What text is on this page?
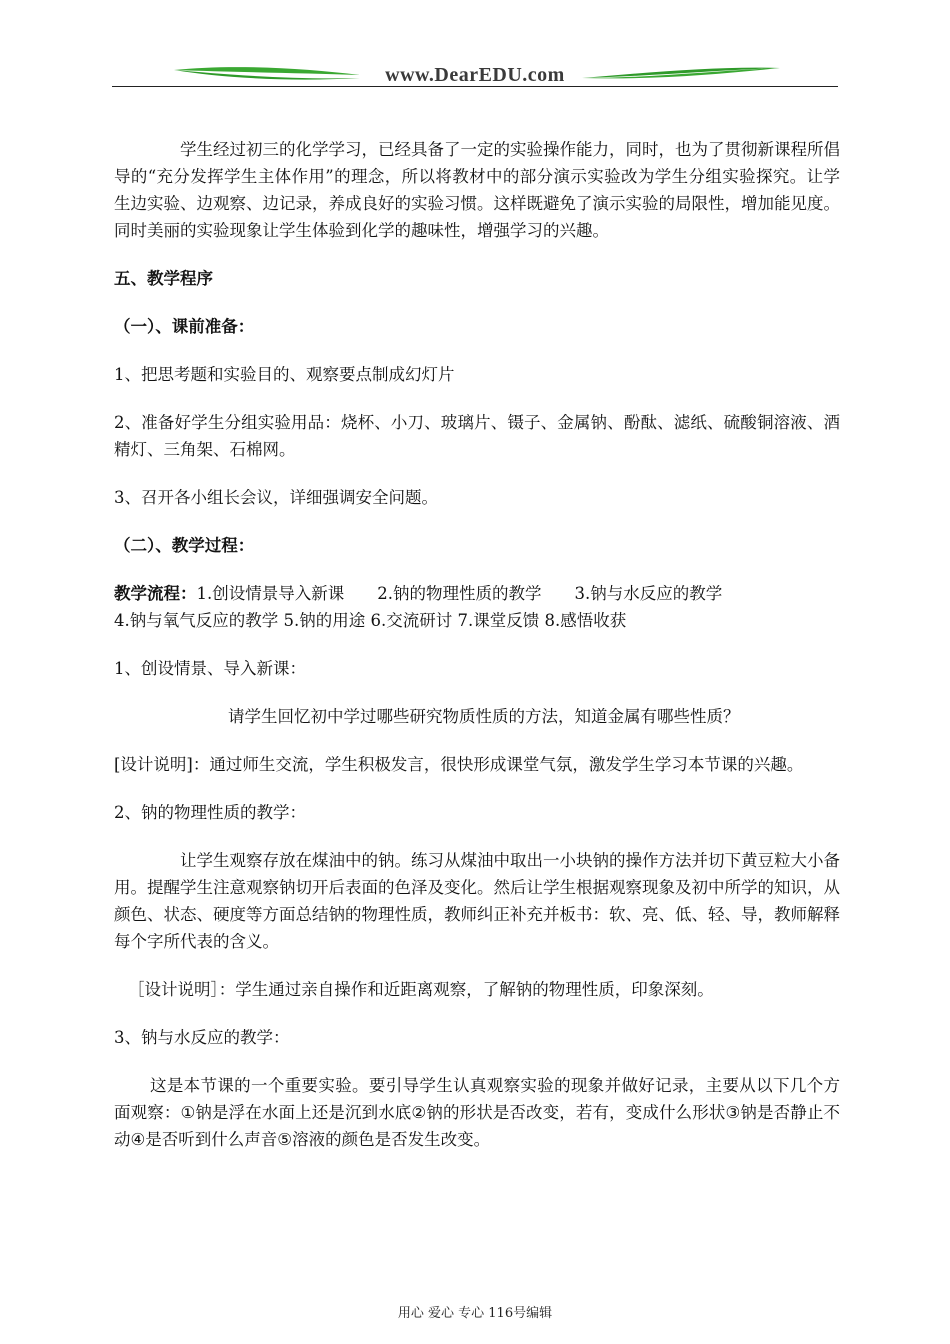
www.DearEDU.com

学生经过初三的化学学习，已经具备了一定的实验操作能力，同时，也为了贯彻新课程所倡导的“充分发挥学生主体作用”的理念，所以将教材中的部分演示实验改为学生分组实验探究。让学生边实验、边观察、边记录，养成良好的实验习惯。这样既避免了演示实验的局限性，增加能见度。同时美丽的实验现象让学生体验到化学的趣味性，增强学习的兴趣。

五、教学程序

（一）、课前准备：

1、把思考题和实验目的、观察要点制成幻灯片

2、准备好学生分组实验用品：烧杯、小刀、玻璃片、镊子、金属钠、酚酞、滤纸、硫酸铜溶液、酒精灯、三角架、石棉网。

3、召开各小组长会议，详细强调安全问题。

（二）、教学过程：

教学流程：1.创设情景导入新课　　2.钠的物理性质的教学　　3.钠与水反应的教学

4.钠与氧气反应的教学 5.钠的用途 6.交流研讨 7.课堂反馈 8.感悟收获

1、创设情景、导入新课：

请学生回忆初中学过哪些研究物质性质的方法，知道金属有哪些性质？

[设计说明]：通过师生交流，学生积极发言，很快形成课堂气氛，激发学生学习本节课的兴趣。

2、钠的物理性质的教学：

让学生观察存放在煤油中的钠。练习从煤油中取出一小块钠的操作方法并切下黄豆粒大小备用。提醒学生注意观察钠切开后表面的色泽及变化。然后让学生根据观察现象及初中所学的知识，从颜色、状态、硬度等方面总结钠的物理性质，教师纠正补充并板书：软、亮、低、轻、导，教师解释每个字所代表的含义。

［设计说明］：学生通过亲自操作和近距离观察，了解钠的物理性质，印象深刻。

3、钠与水反应的教学：

这是本节课的一个重要实验。要引导学生认真观察实验的现象并做好记录，主要从以下几个方面观察：①钠是浮在水面上还是沉到水底②钠的形状是否改变，若有，变成什么形状③钠是否静止不动④是否听到什么声音⑤溶液的颜色是否发生改变。

用心 爱心 专心 116号编辑
